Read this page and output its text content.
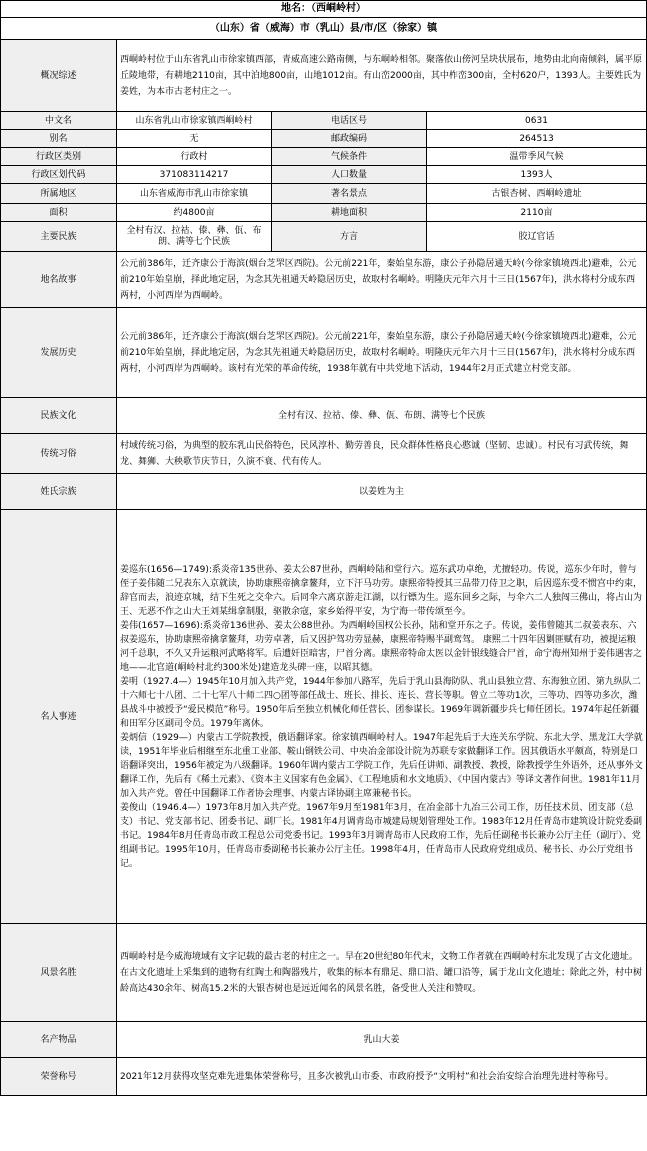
地名：（西峒岭村）			
（山东）省（威海）市（乳山）县/市/区（徐家）镇			
概况综述	西峒岭村位于山东省乳山市徐家镇西部，青威高速公路南侧，与东峒岭相邻。聚落依山傍河呈块状展布，地势由北向南倾斜，属平原丘陵地带，有耕地2110亩，其中泊地800亩，山地1012亩。有山峦2000亩，其中柞峦300亩，全村620户，1393人。主要姓氏为姜姓，为本市古老村庄之一。		
中文名	山东省乳山市徐家镇西峒岭村	电话区号	0631
别名	无	邮政编码	264513
行政区类别	行政村	气候条件	温带季风气候
行政区划代码	371083114217	人口数量	1393人
所属地区	山东省威海市乳山市徐家镇	著名景点	古银杏树、西峒岭遗址
面积	约4800亩	耕地面积	2110亩
主要民族	全村有汉、拉祜、傣、彝、佤、布朗、满等七个民族	方言	胶辽官话
地名故事	公元前386年，迁齐康公于海滨(烟台芝罘区西院)。公元前221年，秦始皇东游，康公子孙隐居通天岭(今徐家镇境西北)避难，公元前210年始皇崩，择此地定居，为念其先祖通天岭隐居历史，故取村名峒岭。明隆庆元年六月十三日(1567年)，洪水将村分成东西两村，小河西岸为西峒岭。		
发展历史	公元前386年，迁齐康公于海滨(烟台芝罘区西院)。公元前221年，秦始皇东游，康公子孙隐居通天岭(今徐家镇境西北)避难，公元前210年始皇崩，择此地定居，为念其先祖通天岭隐居历史，故取村名峒岭。明隆庆元年六月十三日(1567年)，洪水将村分成东西两村，小河西岸为西峒岭。该村有光荣的革命传统，1938年就有中共党地下活动，1944年2月正式建立村党支部。		
民族文化	全村有汉、拉祜、傣、彝、佤、布朗、满等七个民族		
传统习俗	村域传统习俗，为典型的胶东乳山民俗特色，民风淳朴、勤劳善良，民众群体性格良心憨诚（坚韧、忠诚）。村民有习武传统，舞龙、舞狮、大秧歌节庆节日，久演不衰、代有传人。		
姓氏宗族	以姜姓为主		
名人事迹	姜巡东(1656—1749):系炎帝135世孙、姜太公87世孙，西峒岭陆和堂行六。巡东武功卓绝，尤擅轻功。传说，巡东少年时，曾与侄子姜伟随二兄表东入京就读，协助康熙帝擒拿鳌拜，立下汗马功劳。康熙帝特授其三品带刀侍卫之职，后因巡东受不惯宫中约束，辞官而去，浪迹京城，结下生死之交伞六。后同伞六离京游走江湖，以行镖为生。巡东回乡之际，与伞六二人独闯三佛山，将占山为王、无恶不作之山大王刘某缉拿制服，驱散余寇，家乡始得平安，为宁海一带传颂至今。
姜伟(1657—1696):系炎帝136世孙、姜太公88世孙。为西峒岭国权公长孙，陆和堂开东之子。传说，姜伟曾随其二叔姜表东、六叔姜巡东，协助康熙帝擒拿鳌拜，功劳卓著，后又因护驾功劳显赫，康熙帝特赐半副鸾驾。 康熙二十四年因剿匪赋有功，被提运粮河千总职，不久又升运粮河武略将军。后遭奸臣暗害，尸首分离。康熙帝特命太医以金针银线缝合尸首，命宁海州知州于姜伟遇害之地——北官道(峒岭村北约300米处)建造龙头碑一座，以昭其德。
姜明（1927.4—）1945年10月加入共产党，1944年参加八路军，先后于乳山县海防队、乳山县独立营、东海独立团、第九纵队二十六师七十八团、二十七军八十师二四○团等部任战士、班长、排长、连长、营长等职。曾立二等功1次，三等功、四等功多次，潍县战斗中被授予“爱民模范”称号。1950年后至独立机械化师任营长、团参谋长。1969年调新疆步兵七师任团长。1974年起任新疆和田军分区副司令员。1979年离休。
姜炳信（1929—）内蒙古工学院教授，俄语翻译家。徐家镇西峒岭村人。1947年起先后于大连关东学院、东北大学、黑龙江大学就读，1951年毕业后相继至东北重工业部、鞍山钢铁公司、中央冶金部设计院为苏联专家做翻译工作。因其俄语水平颇高，特别是口语翻译突出，1956年被定为八级翻译。1960年调内蒙古工学院工作，先后任讲师、副教授、教授，除教授学生外语外，还从事外文翻译工作，先后有《稀土元素》、《资本主义国家有色金属》、《工程地质和水文地质》、《中国内蒙古》等译文著作问世。1981年11月加入共产党。曾任中国翻译工作者协会理事、内蒙古译协副主席兼秘书长。
姜俊山（1946.4—）1973年8月加入共产党。1967年9月至1981年3月，在冶金部十九冶三公司工作，历任技术员、团支部（总支）书记、党支部书记、团委书记、副厂长。1981年4月调青岛市城建局规划管理处工作。1983年12月任青岛市建筑设计院党委副书记。1984年8月任青岛市政工程总公司党委书记。1993年3月调青岛市人民政府工作，先后任副秘书长兼办公厅主任（副厅）、党组副书记。1995年10月，任青岛市委副秘书长兼办公厅主任。1998年4月，任青岛市人民政府党组成员、秘书长、办公厅党组书记。		

风景名胜	西峒岭村是今威海境域有文字记载的最古老的村庄之一。早在20世纪80年代末，文物工作者就在西峒岭村东北发现了古文化遗址。在古文化遗址上采集到的遗物有红陶土和陶器残片，收集的标本有鼎足、鼎口沿、罐口沿等，属于龙山文化遗址；除此之外，村中树龄高达430余年、树高15.2米的大银杏树也是远近闻名的风景名胜，备受世人关注和赞叹。		
名产物品	乳山大姜		
荣誉称号	2021年12月获得攻坚克难先进集体荣誉称号，且多次被乳山市委、市政府授予“文明村”和社会治安综合治理先进村等称号。		
